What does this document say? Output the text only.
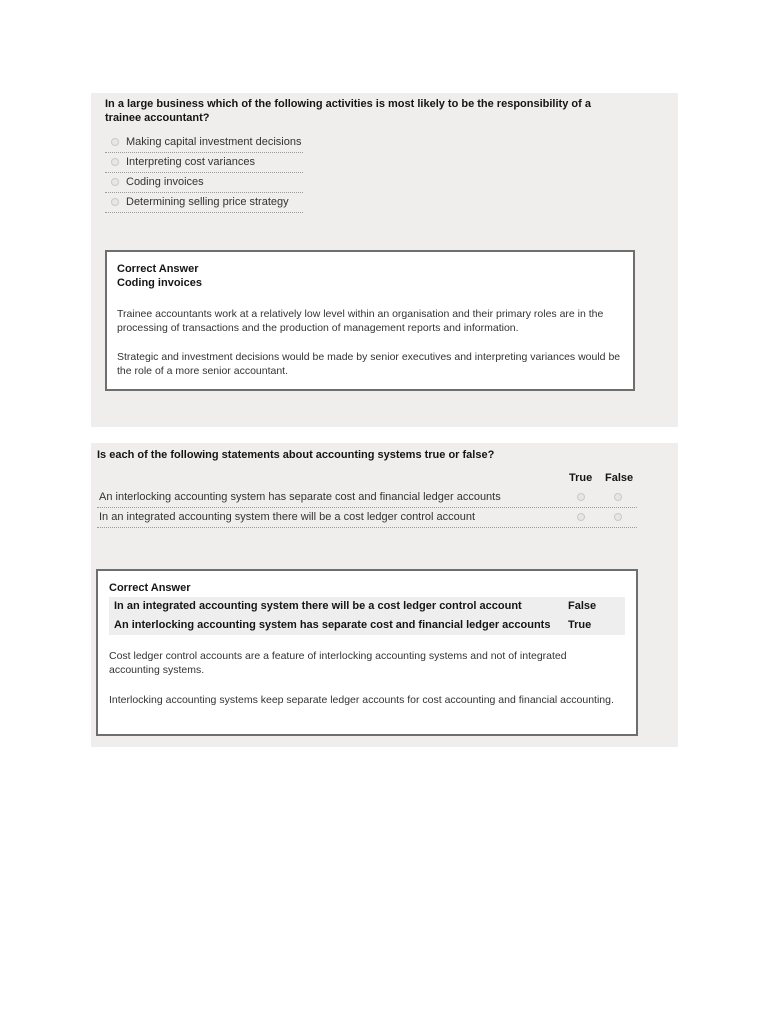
In a large business which of the following activities is most likely to be the responsibility of a trainee accountant?
Making capital investment decisions
Interpreting cost variances
Coding invoices
Determining selling price strategy
Correct Answer
Coding invoices

Trainee accountants work at a relatively low level within an organisation and their primary roles are in the processing of transactions and the production of management reports and information.

Strategic and investment decisions would be made by senior executives and interpreting variances would be the role of a more senior accountant.

Is each of the following statements about accounting systems true or false?
True False
An interlocking accounting system has separate cost and financial ledger accounts
In an integrated accounting system there will be a cost ledger control account
Correct Answer
In an integrated accounting system there will be a cost ledger control account	False
An interlocking accounting system has separate cost and financial ledger accounts True

Cost ledger control accounts are a feature of interlocking accounting systems and not of integrated accounting systems.

Interlocking accounting systems keep separate ledger accounts for cost accounting and financial accounting.
